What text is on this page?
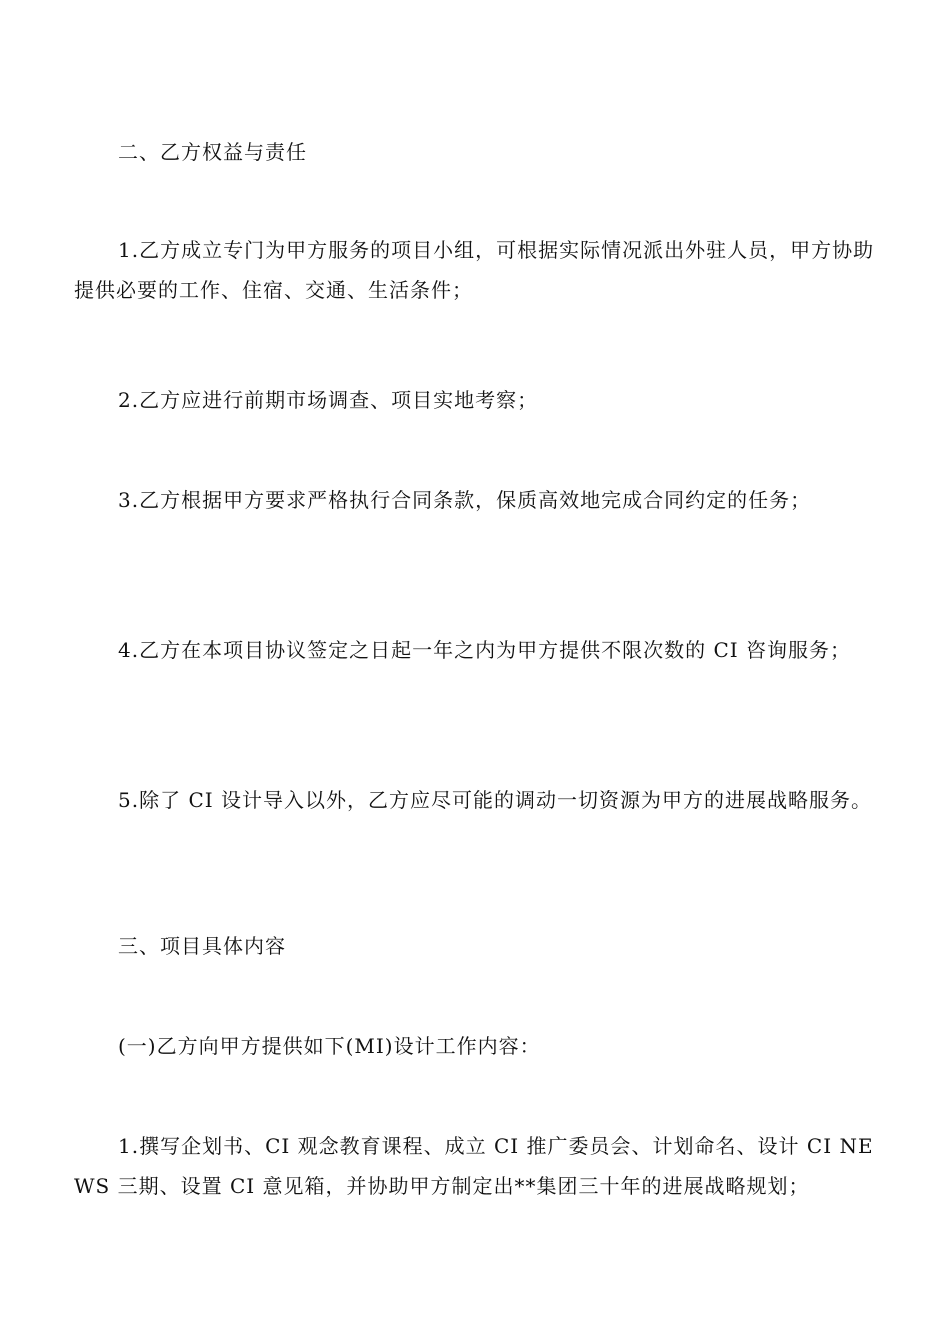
二、乙方权益与责任

1.乙方成立专门为甲方服务的项目小组，可根据实际情况派出外驻人员，甲方协助提供必要的工作、住宿、交通、生活条件；

2.乙方应进行前期市场调查、项目实地考察；

3.乙方根据甲方要求严格执行合同条款，保质高效地完成合同约定的任务；

4.乙方在本项目协议签定之日起一年之内为甲方提供不限次数的 CI 咨询服务；

5.除了 CI 设计导入以外，乙方应尽可能的调动一切资源为甲方的进展战略服务。

三、项目具体内容

(一)乙方向甲方提供如下(MI)设计工作内容：

1.撰写企划书、CI 观念教育课程、成立 CI 推广委员会、计划命名、设计 CI NEWS 三期、设置 CI 意见箱，并协助甲方制定出**集团三十年的进展战略规划；
